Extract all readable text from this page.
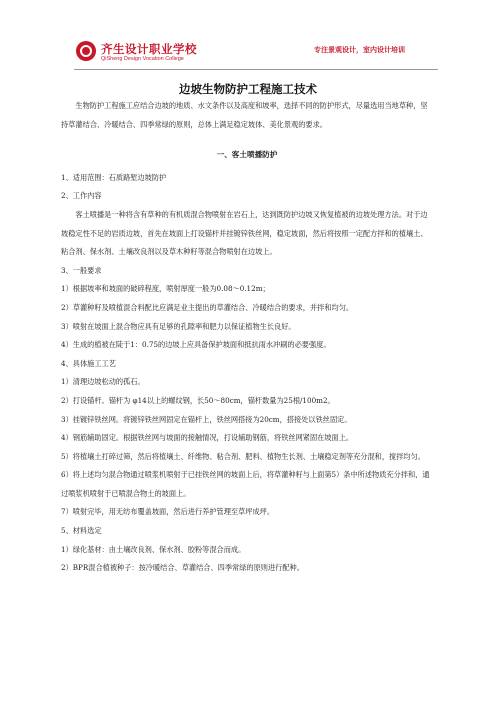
齐生设计职业学校
QiSheng Design Vocation College
专注景观设计，室内设计培训
边坡生物防护工程施工技术

生物防护工程施工应结合边坡的地质、水文条件以及高度和坡率，选择不同的防护形式，尽量选用当地草种，坚持草灌结合、冷暖结合、四季常绿的原则，总体上满足稳定坡体、美化景观的要求。

一、客土喷播防护

1、适用范围：石质路堑边坡防护

2、工作内容

客土喷播是一种将含有草种的有机质混合物喷射在岩石上，达到既防护边坡又恢复植被的边坡处理方法。对于边坡稳定性不足的岩质边坡，首先在坡面上打设锚杆并挂镀锌铁丝网，稳定坡面，然后将按照一定配方拌和的植壤土、粘合剂、保水剂、土壤改良剂以及草木种籽等混合物喷射在边坡上。

3、一般要求

1）根据坡率和坡面的破碎程度，喷射厚度一般为0.08～0.12m；

2）草灌种籽及喷植混合料配比应满足业主提出的草灌结合、冷暖结合的要求，并拌和均匀。

3）喷射在坡面上混合物应具有足够的孔隙率和肥力以保证植物生长良好。

4）生成的植被在陡于1：0.75的边坡上应具备保护坡面和抵抗雨水冲刷的必要强度。

4、具体施工工艺

1）清理边坡松动的孤石。

2）打设锚杆。锚杆为 φ14以上的螺纹钢，长50～80cm，锚杆数量为25根/100m2。

3）挂镀锌铁丝网。将镀锌铁丝网固定在锚杆上，铁丝网搭接为20cm，搭接处以铁丝固定。

4）钢筋辅助固定。根据铁丝网与坡面的接触情况，打设辅助钢筋，将铁丝网紧固在坡面上。

5）将植壤土打碎过筛，然后将植壤土、纤维物、粘合剂、肥料、植物生长剂、土壤稳定剂等充分混和，搅拌均匀。

6）将上述均匀混合物通过喷浆机喷射于已挂铁丝网的坡面上后，将草灌种籽与上面第5）条中所述物质充分拌和，通过喷浆机喷射于已喷混合物土的坡面上。

7）喷射完毕，用无纺布覆盖坡面，然后进行养护管理至草坪成坪。

5、材料选定

1）绿化基材：由土壤改良剂、保水剂、胶粉等混合而成。

2）BPR混合植被种子：按冷暖结合、草灌结合、四季常绿的原则进行配种。
